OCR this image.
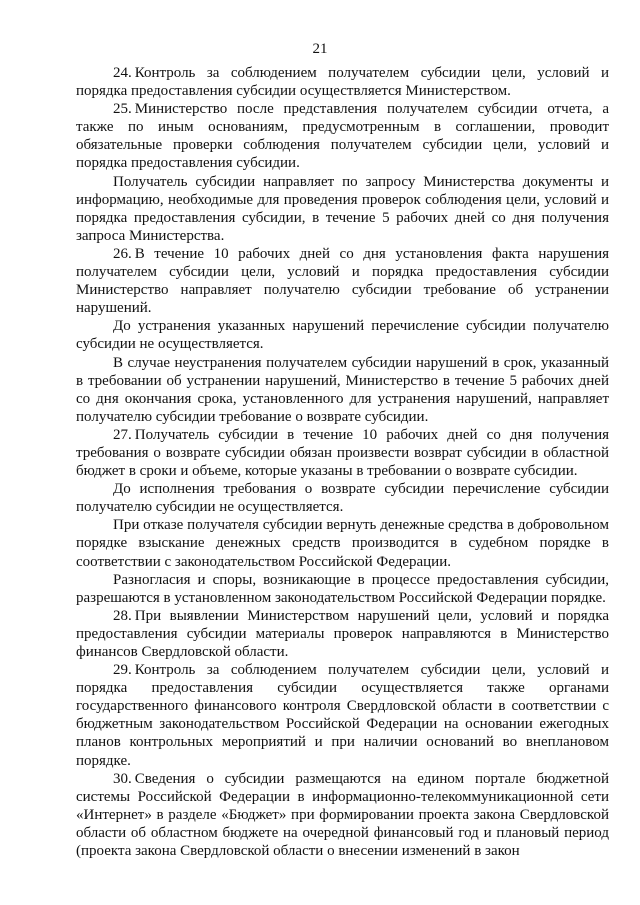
21

24. Контроль за соблюдением получателем субсидии цели, условий и порядка предоставления субсидии осуществляется Министерством.

25. Министерство после представления получателем субсидии отчета, а также по иным основаниям, предусмотренным в соглашении, проводит обязательные проверки соблюдения получателем субсидии цели, условий и порядка предоставления субсидии.

Получатель субсидии направляет по запросу Министерства документы и информацию, необходимые для проведения проверок соблюдения цели, условий и порядка предоставления субсидии, в течение 5 рабочих дней со дня получения запроса Министерства.

26. В течение 10 рабочих дней со дня установления факта нарушения получателем субсидии цели, условий и порядка предоставления субсидии Министерство направляет получателю субсидии требование об устранении нарушений.

До устранения указанных нарушений перечисление субсидии получателю субсидии не осуществляется.

В случае неустранения получателем субсидии нарушений в срок, указанный в требовании об устранении нарушений, Министерство в течение 5 рабочих дней со дня окончания срока, установленного для устранения нарушений, направляет получателю субсидии требование о возврате субсидии.

27. Получатель субсидии в течение 10 рабочих дней со дня получения требования о возврате субсидии обязан произвести возврат субсидии в областной бюджет в сроки и объеме, которые указаны в требовании о возврате субсидии.

До исполнения требования о возврате субсидии перечисление субсидии получателю субсидии не осуществляется.

При отказе получателя субсидии вернуть денежные средства в добровольном порядке взыскание денежных средств производится в судебном порядке в соответствии с законодательством Российской Федерации.

Разногласия и споры, возникающие в процессе предоставления субсидии, разрешаются в установленном законодательством Российской Федерации порядке.

28. При выявлении Министерством нарушений цели, условий и порядка предоставления субсидии материалы проверок направляются в Министерство финансов Свердловской области.

29. Контроль за соблюдением получателем субсидии цели, условий и порядка предоставления субсидии осуществляется также органами государственного финансового контроля Свердловской области в соответствии с бюджетным законодательством Российской Федерации на основании ежегодных планов контрольных мероприятий и при наличии оснований во внеплановом порядке.

30. Сведения о субсидии размещаются на едином портале бюджетной системы Российской Федерации в информационно-телекоммуникационной сети «Интернет» в разделе «Бюджет» при формировании проекта закона Свердловской области об областном бюджете на очередной финансовый год и плановый период (проекта закона Свердловской области о внесении изменений в закон
